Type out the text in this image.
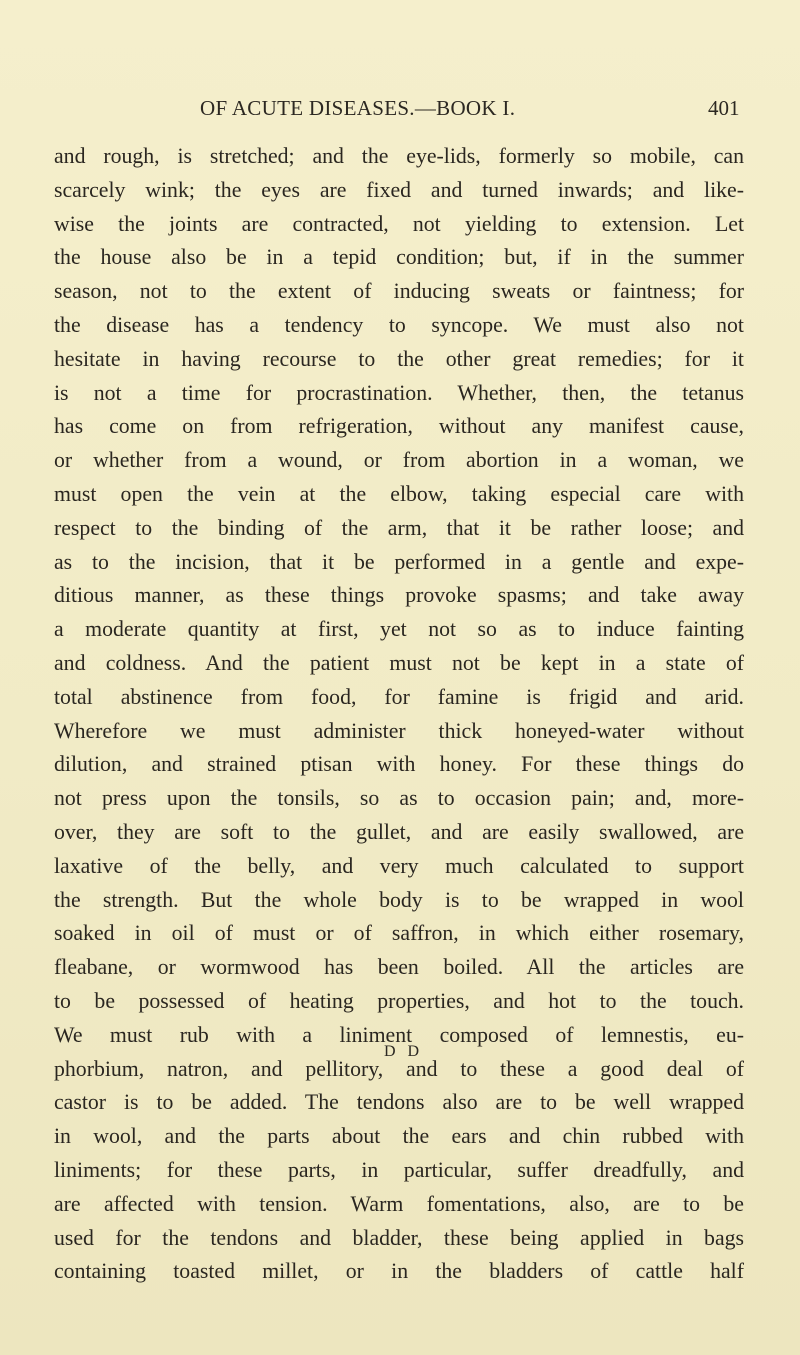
OF ACUTE DISEASES.—BOOK I.	401
and rough, is stretched; and the eye-lids, formerly so mobile, can
scarcely wink; the eyes are fixed and turned inwards; and like-
wise the joints are contracted, not yielding to extension. Let
the house also be in a tepid condition; but, if in the summer
season, not to the extent of inducing sweats or faintness; for
the disease has a tendency to syncope. We must also not
hesitate in having recourse to the other great remedies; for it
is not a time for procrastination. Whether, then, the tetanus
has come on from refrigeration, without any manifest cause,
or whether from a wound, or from abortion in a woman, we
must open the vein at the elbow, taking especial care with
respect to the binding of the arm, that it be rather loose; and
as to the incision, that it be performed in a gentle and expe-
ditious manner, as these things provoke spasms; and take away
a moderate quantity at first, yet not so as to induce fainting
and coldness. And the patient must not be kept in a state of
total abstinence from food, for famine is frigid and arid.
Wherefore we must administer thick honeyed-water without
dilution, and strained ptisan with honey. For these things do
not press upon the tonsils, so as to occasion pain; and, more-
over, they are soft to the gullet, and are easily swallowed, are
laxative of the belly, and very much calculated to support
the strength. But the whole body is to be wrapped in wool
soaked in oil of must or of saffron, in which either rosemary,
fleabane, or wormwood has been boiled. All the articles are
to be possessed of heating properties, and hot to the touch.
We must rub with a liniment composed of lemnestis, eu-
phorbium, natron, and pellitory, and to these a good deal of
castor is to be added. The tendons also are to be well wrapped
in wool, and the parts about the ears and chin rubbed with
liniments; for these parts, in particular, suffer dreadfully, and
are affected with tension. Warm fomentations, also, are to be
used for the tendons and bladder, these being applied in bags
containing toasted millet, or in the bladders of cattle half
D D
